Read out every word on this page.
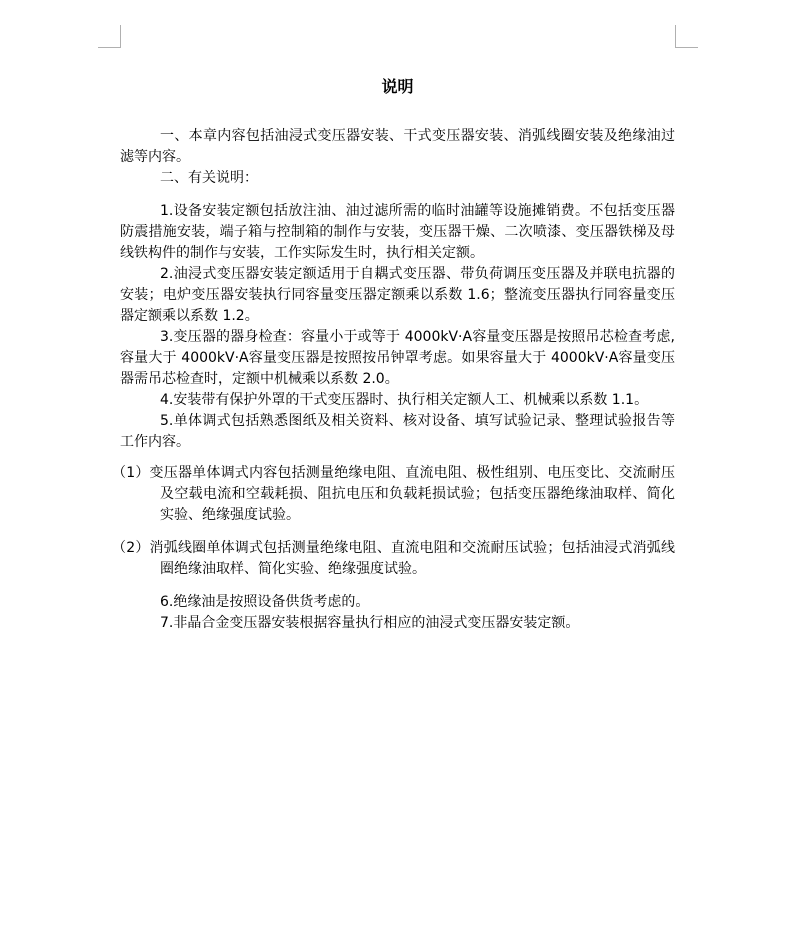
说明

一、本章内容包括油浸式变压器安装、干式变压器安装、消弧线圈安装及绝缘油过滤等内容。

二、有关说明：

1.设备安装定额包括放注油、油过滤所需的临时油罐等设施摊销费。不包括变压器防震措施安装，端子箱与控制箱的制作与安装，变压器干燥、二次喷漆、变压器铁梯及母线铁构件的制作与安装，工作实际发生时，执行相关定额。

2.油浸式变压器安装定额适用于自耦式变压器、带负荷调压变压器及并联电抗器的安装；电炉变压器安装执行同容量变压器定额乘以系数 1.6；整流变压器执行同容量变压器定额乘以系数 1.2。

3.变压器的器身检查：容量小于或等于 4000kV·A容量变压器是按照吊芯检查考虑,容量大于 4000kV·A容量变压器是按照按吊钟罩考虑。如果容量大于 4000kV·A容量变压器需吊芯检查时，定额中机械乘以系数 2.0。

4.安装带有保护外罩的干式变压器时、执行相关定额人工、机械乘以系数 1.1。

5.单体调式包括熟悉图纸及相关资料、核对设备、填写试验记录、整理试验报告等工作内容。

（1）变压器单体调式内容包括测量绝缘电阻、直流电阻、极性组别、电压变比、交流耐压及空载电流和空载耗损、阻抗电压和负载耗损试验；包括变压器绝缘油取样、简化实验、绝缘强度试验。

（2）消弧线圈单体调式包括测量绝缘电阻、直流电阻和交流耐压试验；包括油浸式消弧线圈绝缘油取样、简化实验、绝缘强度试验。

6.绝缘油是按照设备供货考虑的。

7.非晶合金变压器安装根据容量执行相应的油浸式变压器安装定额。
